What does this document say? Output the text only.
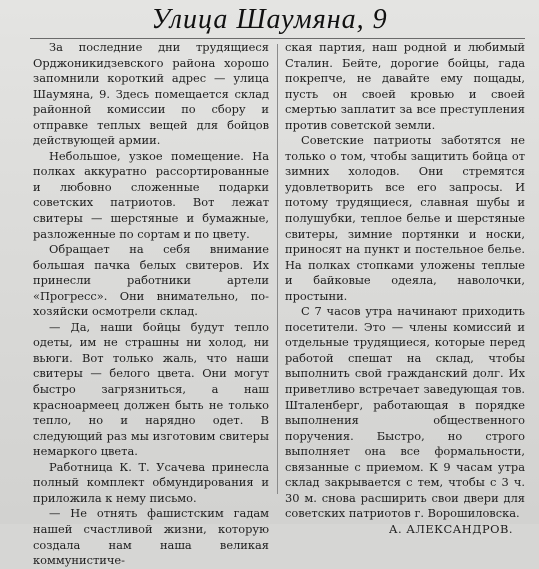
Улица Шаумяна, 9

За последние дни трудящиеся Орджоникидзевского района хорошо запомнили короткий адрес — улица Шаумяна, 9. Здесь помещается склад районной комиссии по сбору и отправке теплых вещей для бойцов действующей армии.

Небольшое, узкое помещение. На полках аккуратно рассортированные и любовно сложенные подарки советских патриотов. Вот лежат свитеры — шерстяные и бумажные, разложенные по сортам и по цвету.

Обращает на себя внимание большая пачка белых свитеров. Их принесли работники артели «Прогресс». Они внимательно, по-хозяйски осмотрели склад.

— Да, наши бойцы будут тепло одеты, им не страшны ни холод, ни вьюги. Вот только жаль, что наши свитеры — белого цвета. Они могут быстро загрязниться, а наш красноармеец должен быть не только тепло, но и нарядно одет. В следующий раз мы изготовим свитеры немаркого цвета.

Работница К. Т. Усачева принесла полный комплект обмундирования и приложила к нему письмо.

— Не отнять фашистским гадам нашей счастливой жизни, которую создала нам наша великая коммунистиче-

ская партия, наш родной и любимый Сталин. Бейте, дорогие бойцы, гада покрепче, не давайте ему пощады, пусть он своей кровью и своей смертью заплатит за все преступления против советской земли.

Советские патриоты заботятся не только о том, чтобы защитить бойца от зимних холодов. Они стремятся удовлетворить все его запросы. И потому трудящиеся, славная шубы и полушубки, теплое белье и шерстяные свитеры, зимние портянки и носки, приносят на пункт и постельное белье. На полках стопками уложены теплые и байковые одеяла, наволочки, простыни.

С 7 часов утра начинают приходить посетители. Это — члены комиссий и отдельные трудящиеся, которые перед работой спешат на склад, чтобы выполнить свой гражданский долг. Их приветливо встречает заведующая тов. Шталенберг, работающая в порядке выполнения общественного поручения. Быстро, но строго выполняет она все формальности, связанные с приемом. К 9 часам утра склад закрывается с тем, чтобы с 3 ч. 30 м. снова расширить свои двери для советских патриотов г. Ворошиловска.

А. АЛЕКСАНДРОВ.
